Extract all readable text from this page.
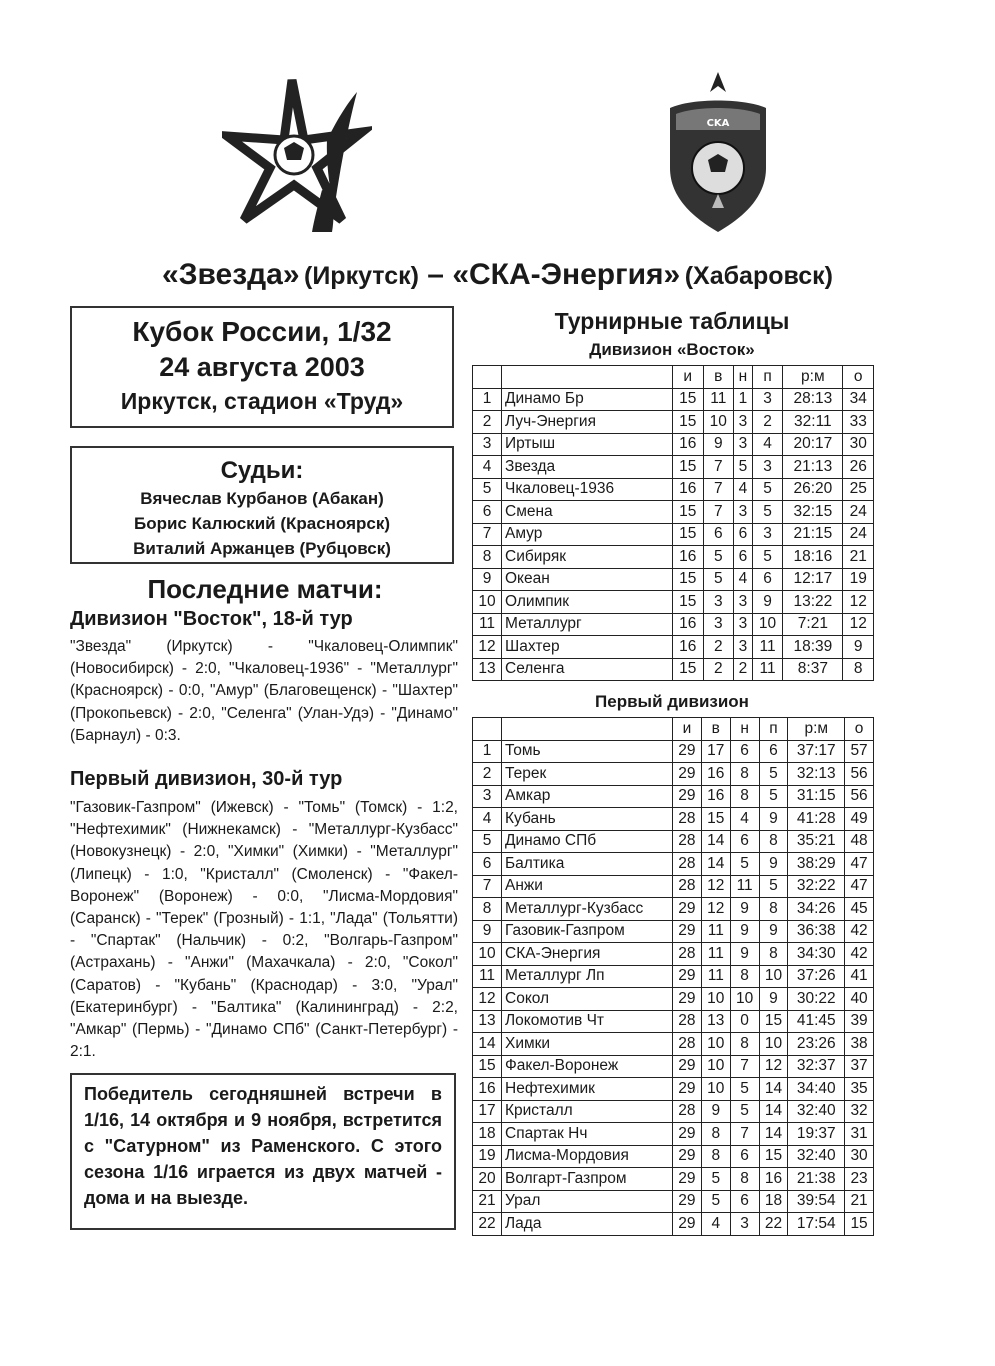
CKA
«Звезда» (Иркутск) – «СКА-Энергия» (Хабаровск)
Кубок России, 1/32
24 августа 2003
Иркутск, стадион «Труд»
Судьи:
Вячеслав Курбанов (Абакан)
Борис Калюский (Красноярск)
Виталий Аржанцев (Рубцовск)
Последние матчи:
Дивизион "Восток", 18-й тур

"Звезда" (Иркутск) - "Чкаловец-Олимпик" (Новосибирск) - 2:0, "Чкаловец-1936" - "Металлург" (Красноярск) - 0:0, "Амур" (Благовещенск) - "Шахтер" (Прокопьевск) - 2:0, "Селенга" (Улан-Удэ) - "Динамо" (Барнаул) - 0:3.

Первый дивизион, 30-й тур

"Газовик-Газпром" (Ижевск) - "Томь" (Томск) - 1:2, "Нефтехимик" (Нижнекамск) - "Металлург-Кузбасс" (Новокузнецк) - 2:0, "Химки" (Химки) - "Металлург" (Липецк) - 1:0, "Кристалл" (Смоленск) - "Факел-Воронеж" (Воронеж) - 0:0, "Лисма-Мордовия" (Саранск) - "Терек" (Грозный) - 1:1, "Лада" (Тольятти) - "Спартак" (Нальчик) - 0:2, "Волгарь-Газпром" (Астрахань) - "Анжи" (Махачкала) - 2:0, "Сокол" (Саратов) - "Кубань" (Краснодар) - 3:0, "Урал" (Екатеринбург) - "Балтика" (Калининград) - 2:2, "Амкар" (Пермь) - "Динамо СПб" (Санкт-Петербург) - 2:1.

Победитель сегодняшней встречи в 1/16, 14 октября и 9 ноября, встретится с "Сатурном" из Раменского. С этого сезона 1/16 играется из двух матчей - дома и на выезде.
Турнирные таблицы
Дивизион «Восток»
		и	в	н	п	р:м	о
1	Динамо Бр	15	11	1	3	28:13	34
2	Луч-Энергия	15	10	3	2	32:11	33
3	Иртыш	16	9	3	4	20:17	30
4	Звезда	15	7	5	3	21:13	26
5	Чкаловец-1936	16	7	4	5	26:20	25
6	Смена	15	7	3	5	32:15	24
7	Амур	15	6	6	3	21:15	24
8	Сибиряк	16	5	6	5	18:16	21
9	Океан	15	5	4	6	12:17	19
10	Олимпик	15	3	3	9	13:22	12
11	Металлург	16	3	3	10	7:21	12
12	Шахтер	16	2	3	11	18:39	9
13	Селенга	15	2	2	11	8:37	8
Первый дивизион
		и	в	н	п	р:м	о
1	Томь	29	17	6	6	37:17	57
2	Терек	29	16	8	5	32:13	56
3	Амкар	29	16	8	5	31:15	56
4	Кубань	28	15	4	9	41:28	49
5	Динамо СПб	28	14	6	8	35:21	48
6	Балтика	28	14	5	9	38:29	47
7	Анжи	28	12	11	5	32:22	47
8	Металлург-Кузбасс	29	12	9	8	34:26	45
9	Газовик-Газпром	29	11	9	9	36:38	42
10	СКА-Энергия	28	11	9	8	34:30	42
11	Металлург Лп	29	11	8	10	37:26	41
12	Сокол	29	10	10	9	30:22	40
13	Локомотив Чт	28	13	0	15	41:45	39
14	Химки	28	10	8	10	23:26	38
15	Факел-Воронеж	29	10	7	12	32:37	37
16	Нефтехимик	29	10	5	14	34:40	35
17	Кристалл	28	9	5	14	32:40	32
18	Спартак Нч	29	8	7	14	19:37	31
19	Лисма-Мордовия	29	8	6	15	32:40	30
20	Волгарт-Газпром	29	5	8	16	21:38	23
21	Урал	29	5	6	18	39:54	21
22	Лада	29	4	3	22	17:54	15
